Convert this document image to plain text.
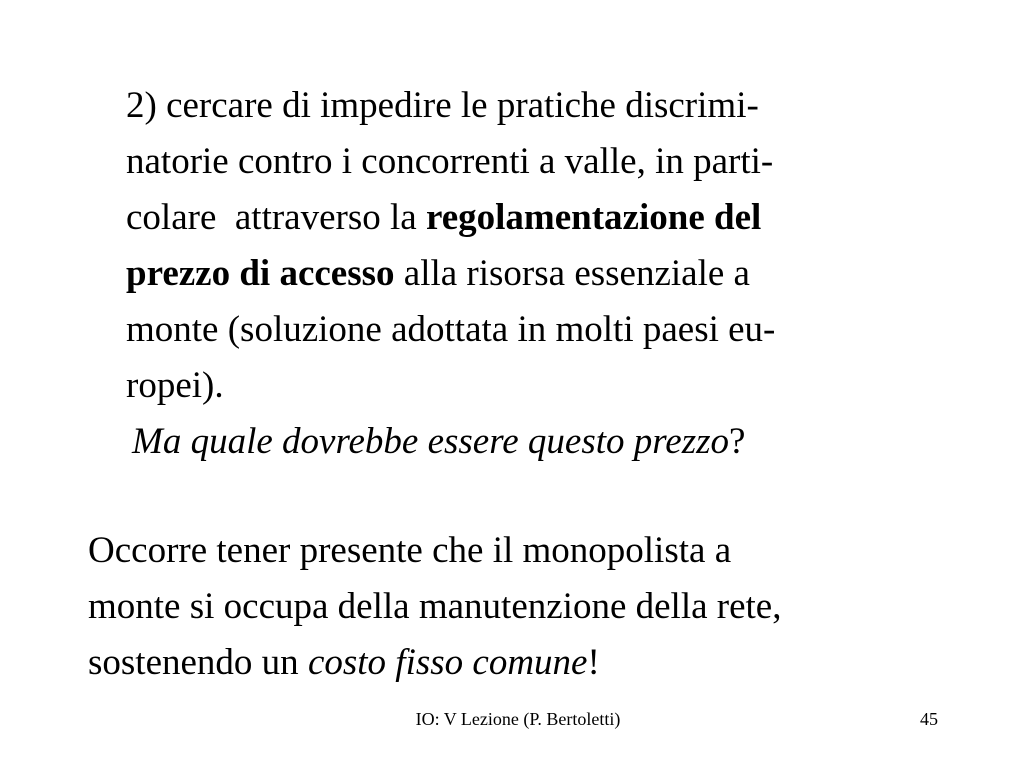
2) cercare di impedire le pratiche discrimi-
natorie contro i concorrenti a valle, in parti-
colare  attraverso la regolamentazione del
prezzo di accesso alla risorsa essenziale a
monte (soluzione adottata in molti paesi eu-
ropei).
Ma quale dovrebbe essere questo prezzo?
Occorre tener presente che il monopolista a
monte si occupa della manutenzione della rete,
sostenendo un costo fisso comune!
IO: V Lezione (P. Bertoletti)	45
